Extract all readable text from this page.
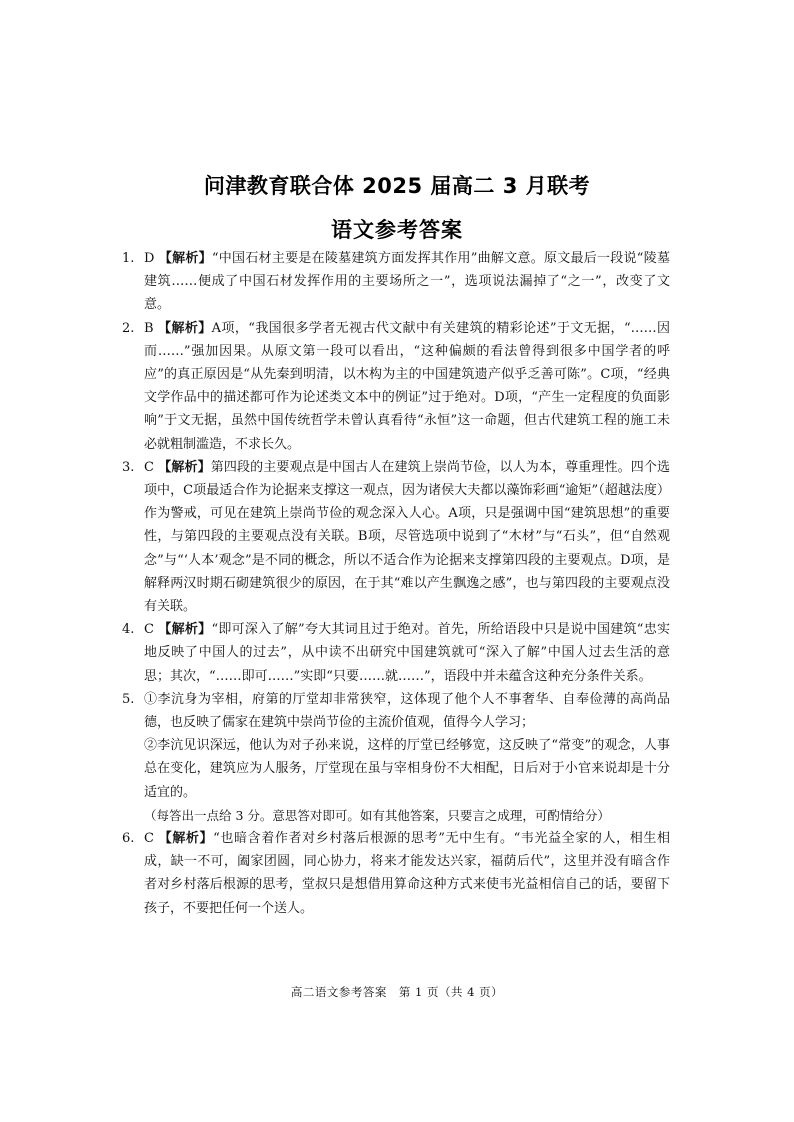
问津教育联合体 2025 届高二 3 月联考
语文参考答案
1. D 【解析】“中国石材主要是在陵墓建筑方面发挥其作用”曲解文意。原文最后一段说“陵墓建筑……便成了中国石材发挥作用的主要场所之一”，选项说法漏掉了“之一”，改变了文意。
2. B 【解析】A项，“我国很多学者无视古代文献中有关建筑的精彩论述”于文无据，“……因而……”强加因果。从原文第一段可以看出，“这种偏颇的看法曾得到很多中国学者的呼应”的真正原因是“从先秦到明清，以木构为主的中国建筑遗产似乎乏善可陈”。C项，“经典文学作品中的描述都可作为论述类文本中的例证”过于绝对。D项，“产生一定程度的负面影响”于文无据，虽然中国传统哲学未曾认真看待“永恒”这一命题，但古代建筑工程的施工未必就粗制滥造，不求长久。
3. C 【解析】第四段的主要观点是中国古人在建筑上崇尚节俭，以人为本，尊重理性。四个选项中，C项最适合作为论据来支撑这一观点，因为诸侯大夫都以藻饰彩画“逾矩”（超越法度）作为警戒，可见在建筑上崇尚节俭的观念深入人心。A项，只是强调中国“建筑思想”的重要性，与第四段的主要观点没有关联。B项，尽管选项中说到了“木材”与“石头”，但“自然观念”与“‘人本’观念”是不同的概念，所以不适合作为论据来支撑第四段的主要观点。D项，是解释两汉时期石砌建筑很少的原因，在于其“难以产生飘逸之感”，也与第四段的主要观点没有关联。
4. C 【解析】“即可深入了解”夸大其词且过于绝对。首先，所给语段中只是说中国建筑“忠实地反映了中国人的过去”，从中读不出研究中国建筑就可“深入了解”中国人过去生活的意思；其次，“……即可……”实即“只要……就……”，语段中并未蕴含这种充分条件关系。
5. ①李沆身为宰相，府第的厅堂却非常狭窄，这体现了他个人不事奢华、自奉俭薄的高尚品德，也反映了儒家在建筑中崇尚节俭的主流价值观，值得今人学习；

②李沆见识深远，他认为对子孙来说，这样的厅堂已经够宽，这反映了“常变”的观念，人事总在变化，建筑应为人服务，厅堂现在虽与宰相身份不大相配，日后对于小官来说却是十分适宜的。

（每答出一点给 3 分。意思答对即可。如有其他答案，只要言之成理，可酌情给分）

6. C 【解析】“也暗含着作者对乡村落后根源的思考”无中生有。“韦光益全家的人，相生相成，缺一不可，阖家团圆，同心协力，将来才能发达兴家，福荫后代”，这里并没有暗含作者对乡村落后根源的思考，堂叔只是想借用算命这种方式来使韦光益相信自己的话，要留下孩子，不要把任何一个送人。
高二语文参考答案　第 1 页（共 4 页）
